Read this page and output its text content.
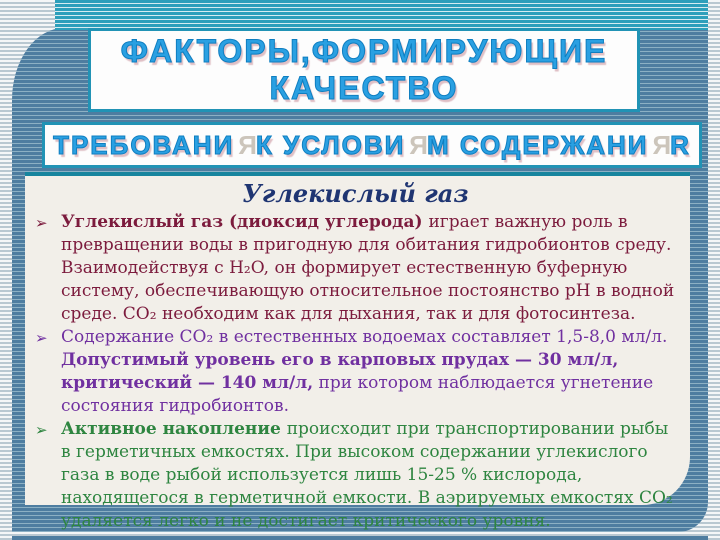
ФАКТОРЫ,ФОРМИРУЮЩИЕ
КАЧЕСТВО
ТРЕБОВАНИ ЯК УСЛОВИ ЯМ СОДЕРЖАНИ ЯR
Углекислый газ
➢ Углекислый газ (диоксид углерода) играет важную роль в превращении воды в пригодную для обитания гидробионтов среду. Взаимодействуя с H₂O, он формирует естественную буферную систему, обеспечивающую относительное постоянство pH в водной среде. CO₂ необходим как для дыхания, так и для фотосинтеза.
➢ Содержание CO₂ в естественных водоемах составляет 1,5-8,0 мл/л. Допустимый уровень его в карповых прудах — 30 мл/л, критический — 140 мл/л, при котором наблюдается угнетение состояния гидробионтов.
➢ Активное накопление происходит при транспортировании рыбы в герметичных емкостях. При высоком содержании углекислого газа в воде рыбой используется лишь 15-25 % кислорода, находящегося в герметичной емкости. В аэрируемых емкостях CO₂ удаляется легко и не достигает критического уровня.
